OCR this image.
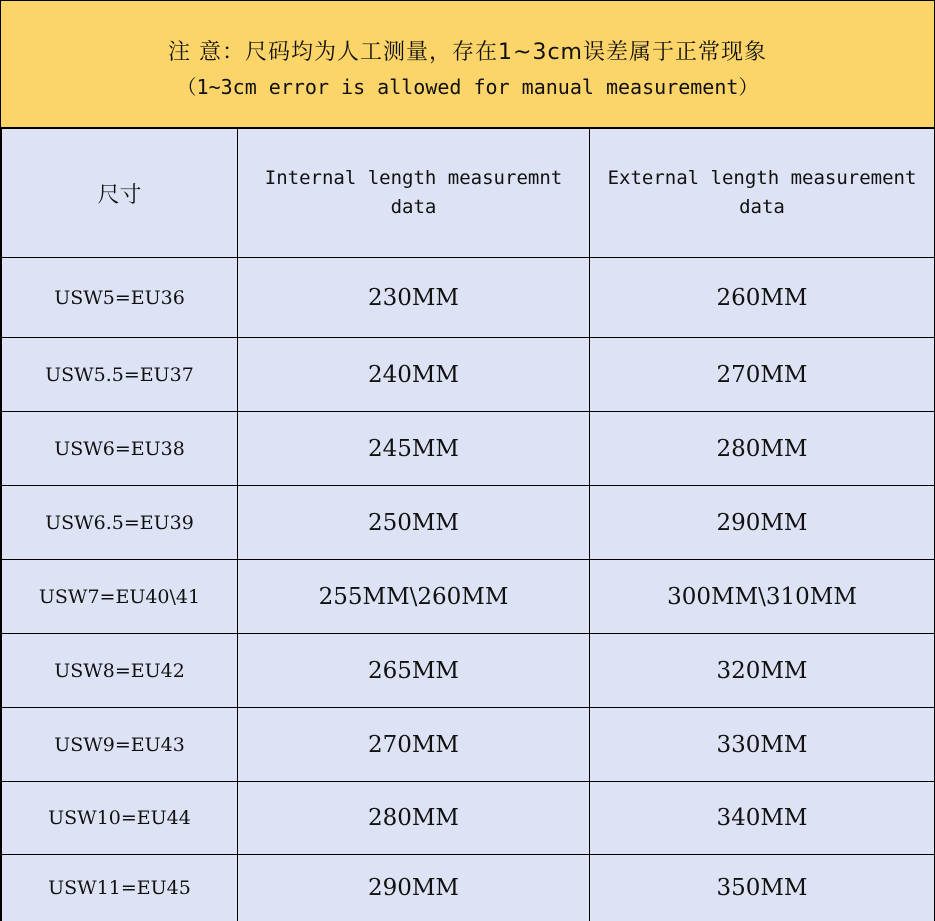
注 意：尺码均为人工测量，存在1~3cm误差属于正常现象
（1~3cm error is allowed for manual measurement）
尺寸	Internal length measuremnt data	External length measurement data
USW5=EU36	230MM	260MM
USW5.5=EU37	240MM	270MM
USW6=EU38	245MM	280MM
USW6.5=EU39	250MM	290MM
USW7=EU40\41	255MM\260MM	300MM\310MM
USW8=EU42	265MM	320MM
USW9=EU43	270MM	330MM
USW10=EU44	280MM	340MM
USW11=EU45	290MM	350MM
